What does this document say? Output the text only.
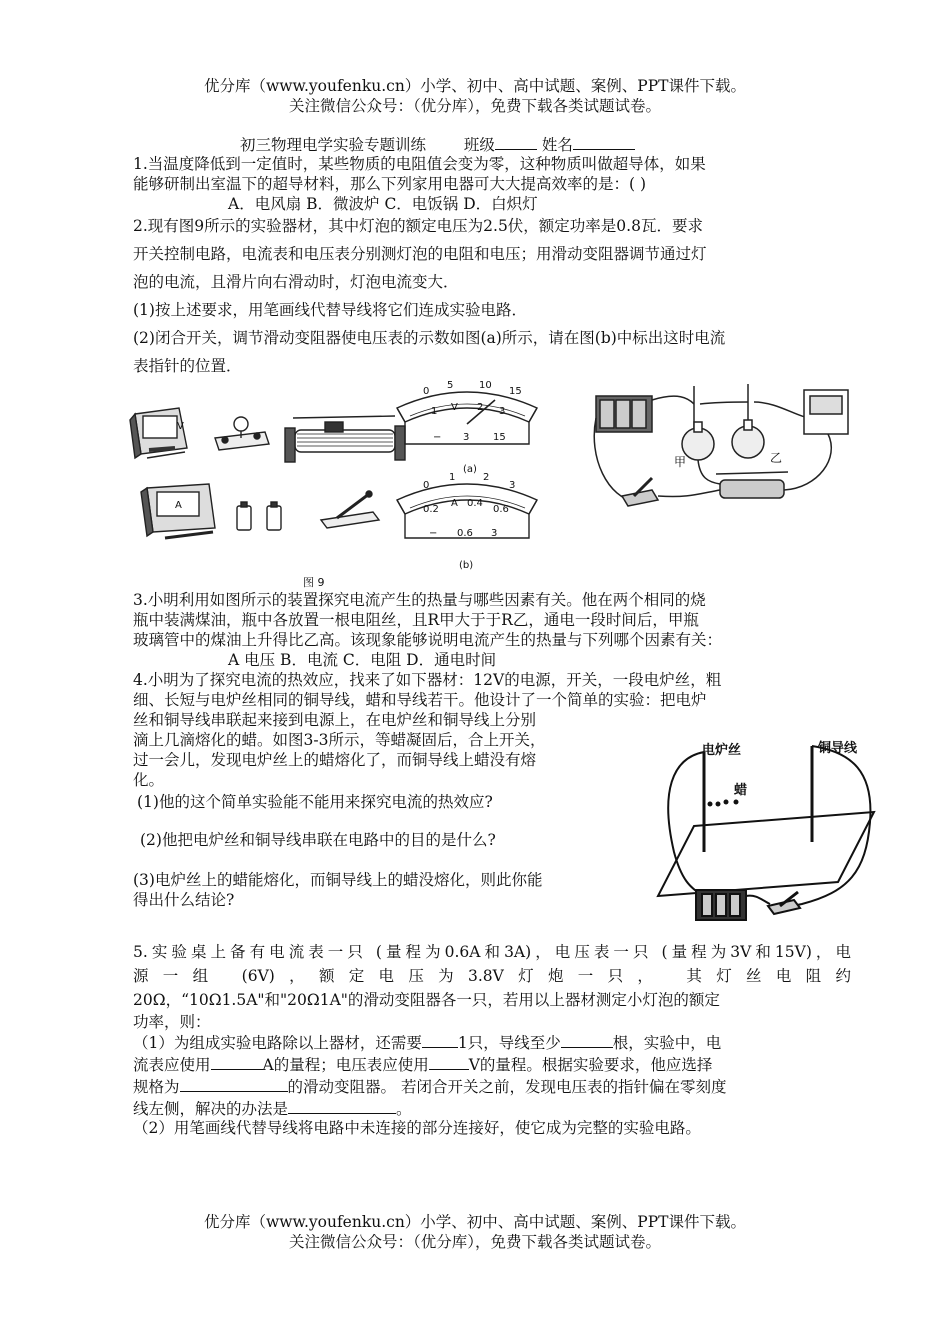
优分库（www.youfenku.cn）小学、初中、高中试题、案例、PPT课件下载。
关注微信公众号：（优分库），免费下载各类试题试卷。
初三物理电学实验专题训练 班级	姓名
1.当温度降低到一定值时，某些物质的电阻值会变为零，这种物质叫做超导体，如果
能够研制出室温下的超导材料，那么下列家用电器可大大提高效率的是：( )
A．电风扇 B．微波炉 C．电饭锅 D．白炽灯
2.现有图9所示的实验器材，其中灯泡的额定电压为2.5伏，额定功率是0.8瓦．要求
开关控制电路，电流表和电压表分别测灯泡的电阻和电压；用滑动变阻器调节通过灯
泡的电流，且滑片向右滑动时，灯泡电流变大．
(1)按上述要求，用笔画线代替导线将它们连成实验电路．
(2)闭合开关，调节滑动变阻器使电压表的示数如图(a)所示，请在图(b)中标出这时电流
表指针的位置．
V
A
0
5	10
15
1 V 2 3
− 3 15
(a)
0
1	2
3
0.2
A 0.4
0.6
− 0.6 3
(b)
图 9
甲	乙
3.小明利用如图所示的装置探究电流产生的热量与哪些因素有关。他在两个相同的烧
瓶中装满煤油，瓶中各放置一根电阻丝，且R甲大于于R乙，通电一段时间后，甲瓶
玻璃管中的煤油上升得比乙高。该现象能够说明电流产生的热量与下列哪个因素有关：
A 电压 B．电流 C．电阻 D．通电时间
4.小明为了探究电流的热效应，找来了如下器材：12V的电源，开关，一段电炉丝，粗
细、长短与电炉丝相同的铜导线，蜡和导线若干。他设计了一个简单的实验：把电炉
丝和铜导线串联起来接到电源上，在电炉丝和铜导线上分别
滴上几滴熔化的蜡。如图3-3所示，等蜡凝固后，合上开关，
过一会儿，发现电炉丝上的蜡熔化了，而铜导线上蜡没有熔
化。
(1)他的这个简单实验能不能用来探究电流的热效应?
(2)他把电炉丝和铜导线串联在电路中的目的是什么?
(3)电炉丝上的蜡能熔化，而铜导线上的蜡没熔化，则此你能
得出什么结论?
电炉丝	铜导线
蜡
5.实验桌上备有电流表一只 (量程为0.6A和3A)，电压表一只 (量程为3V和15V)，电
源一组 (6V)，额定电压为3.8V灯炮一只， 其灯丝电阻约
20Ω，“10Ω1.5A"和"20Ω1A"的滑动变阻器各一只，若用以上器材测定小灯泡的额定
功率，则：
（1）为组成实验电路除以上器材，还需要 1只，导线至少	根，实验中，电
流表应使用	A的量程；电压表应使用	V的量程。根据实验要求，他应选择
规格为	的滑动变阻器。 若闭合开关之前，发现电压表的指针偏在零刻度
线左侧，解决的办法是	。
（2）用笔画线代替导线将电路中未连接的部分连接好，使它成为完整的实验电路。
优分库（www.youfenku.cn）小学、初中、高中试题、案例、PPT课件下载。
关注微信公众号：（优分库），免费下载各类试题试卷。
